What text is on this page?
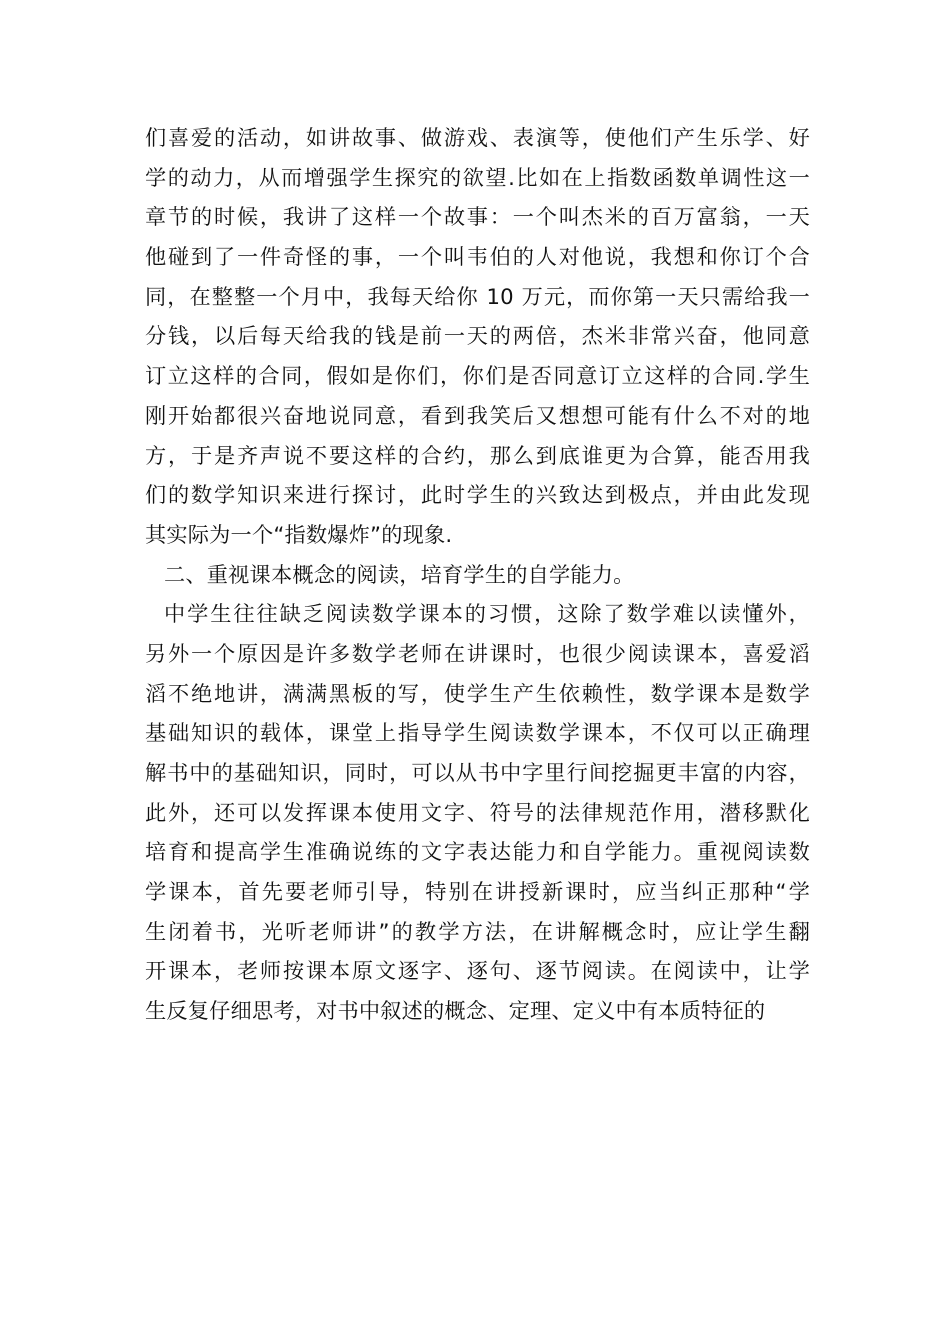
们喜爱的活动，如讲故事、做游戏、表演等，使他们产生乐学、好
学的动力，从而增强学生探究的欲望.比如在上指数函数单调性这一
章节的时候，我讲了这样一个故事：一个叫杰米的百万富翁，一天
他碰到了一件奇怪的事，一个叫韦伯的人对他说，我想和你订个合
同，在整整一个月中，我每天给你 10 万元，而你第一天只需给我一
分钱，以后每天给我的钱是前一天的两倍，杰米非常兴奋，他同意
订立这样的合同，假如是你们，你们是否同意订立这样的合同.学生
刚开始都很兴奋地说同意，看到我笑后又想想可能有什么不对的地
方，于是齐声说不要这样的合约，那么到底谁更为合算，能否用我
们的数学知识来进行探讨，此时学生的兴致达到极点，并由此发现
其实际为一个“指数爆炸”的现象.
二、重视课本概念的阅读，培育学生的自学能力。
中学生往往缺乏阅读数学课本的习惯，这除了数学难以读懂外，
另外一个原因是许多数学老师在讲课时，也很少阅读课本，喜爱滔
滔不绝地讲，满满黑板的写，使学生产生依赖性，数学课本是数学
基础知识的载体，课堂上指导学生阅读数学课本，不仅可以正确理
解书中的基础知识，同时，可以从书中字里行间挖掘更丰富的内容，
此外，还可以发挥课本使用文字、符号的法律规范作用，潜移默化
培育和提高学生准确说练的文字表达能力和自学能力。重视阅读数
学课本，首先要老师引导，特别在讲授新课时，应当纠正那种“学
生闭着书，光听老师讲”的教学方法，在讲解概念时，应让学生翻
开课本，老师按课本原文逐字、逐句、逐节阅读。在阅读中，让学
生反复仔细思考，对书中叙述的概念、定理、定义中有本质特征的
